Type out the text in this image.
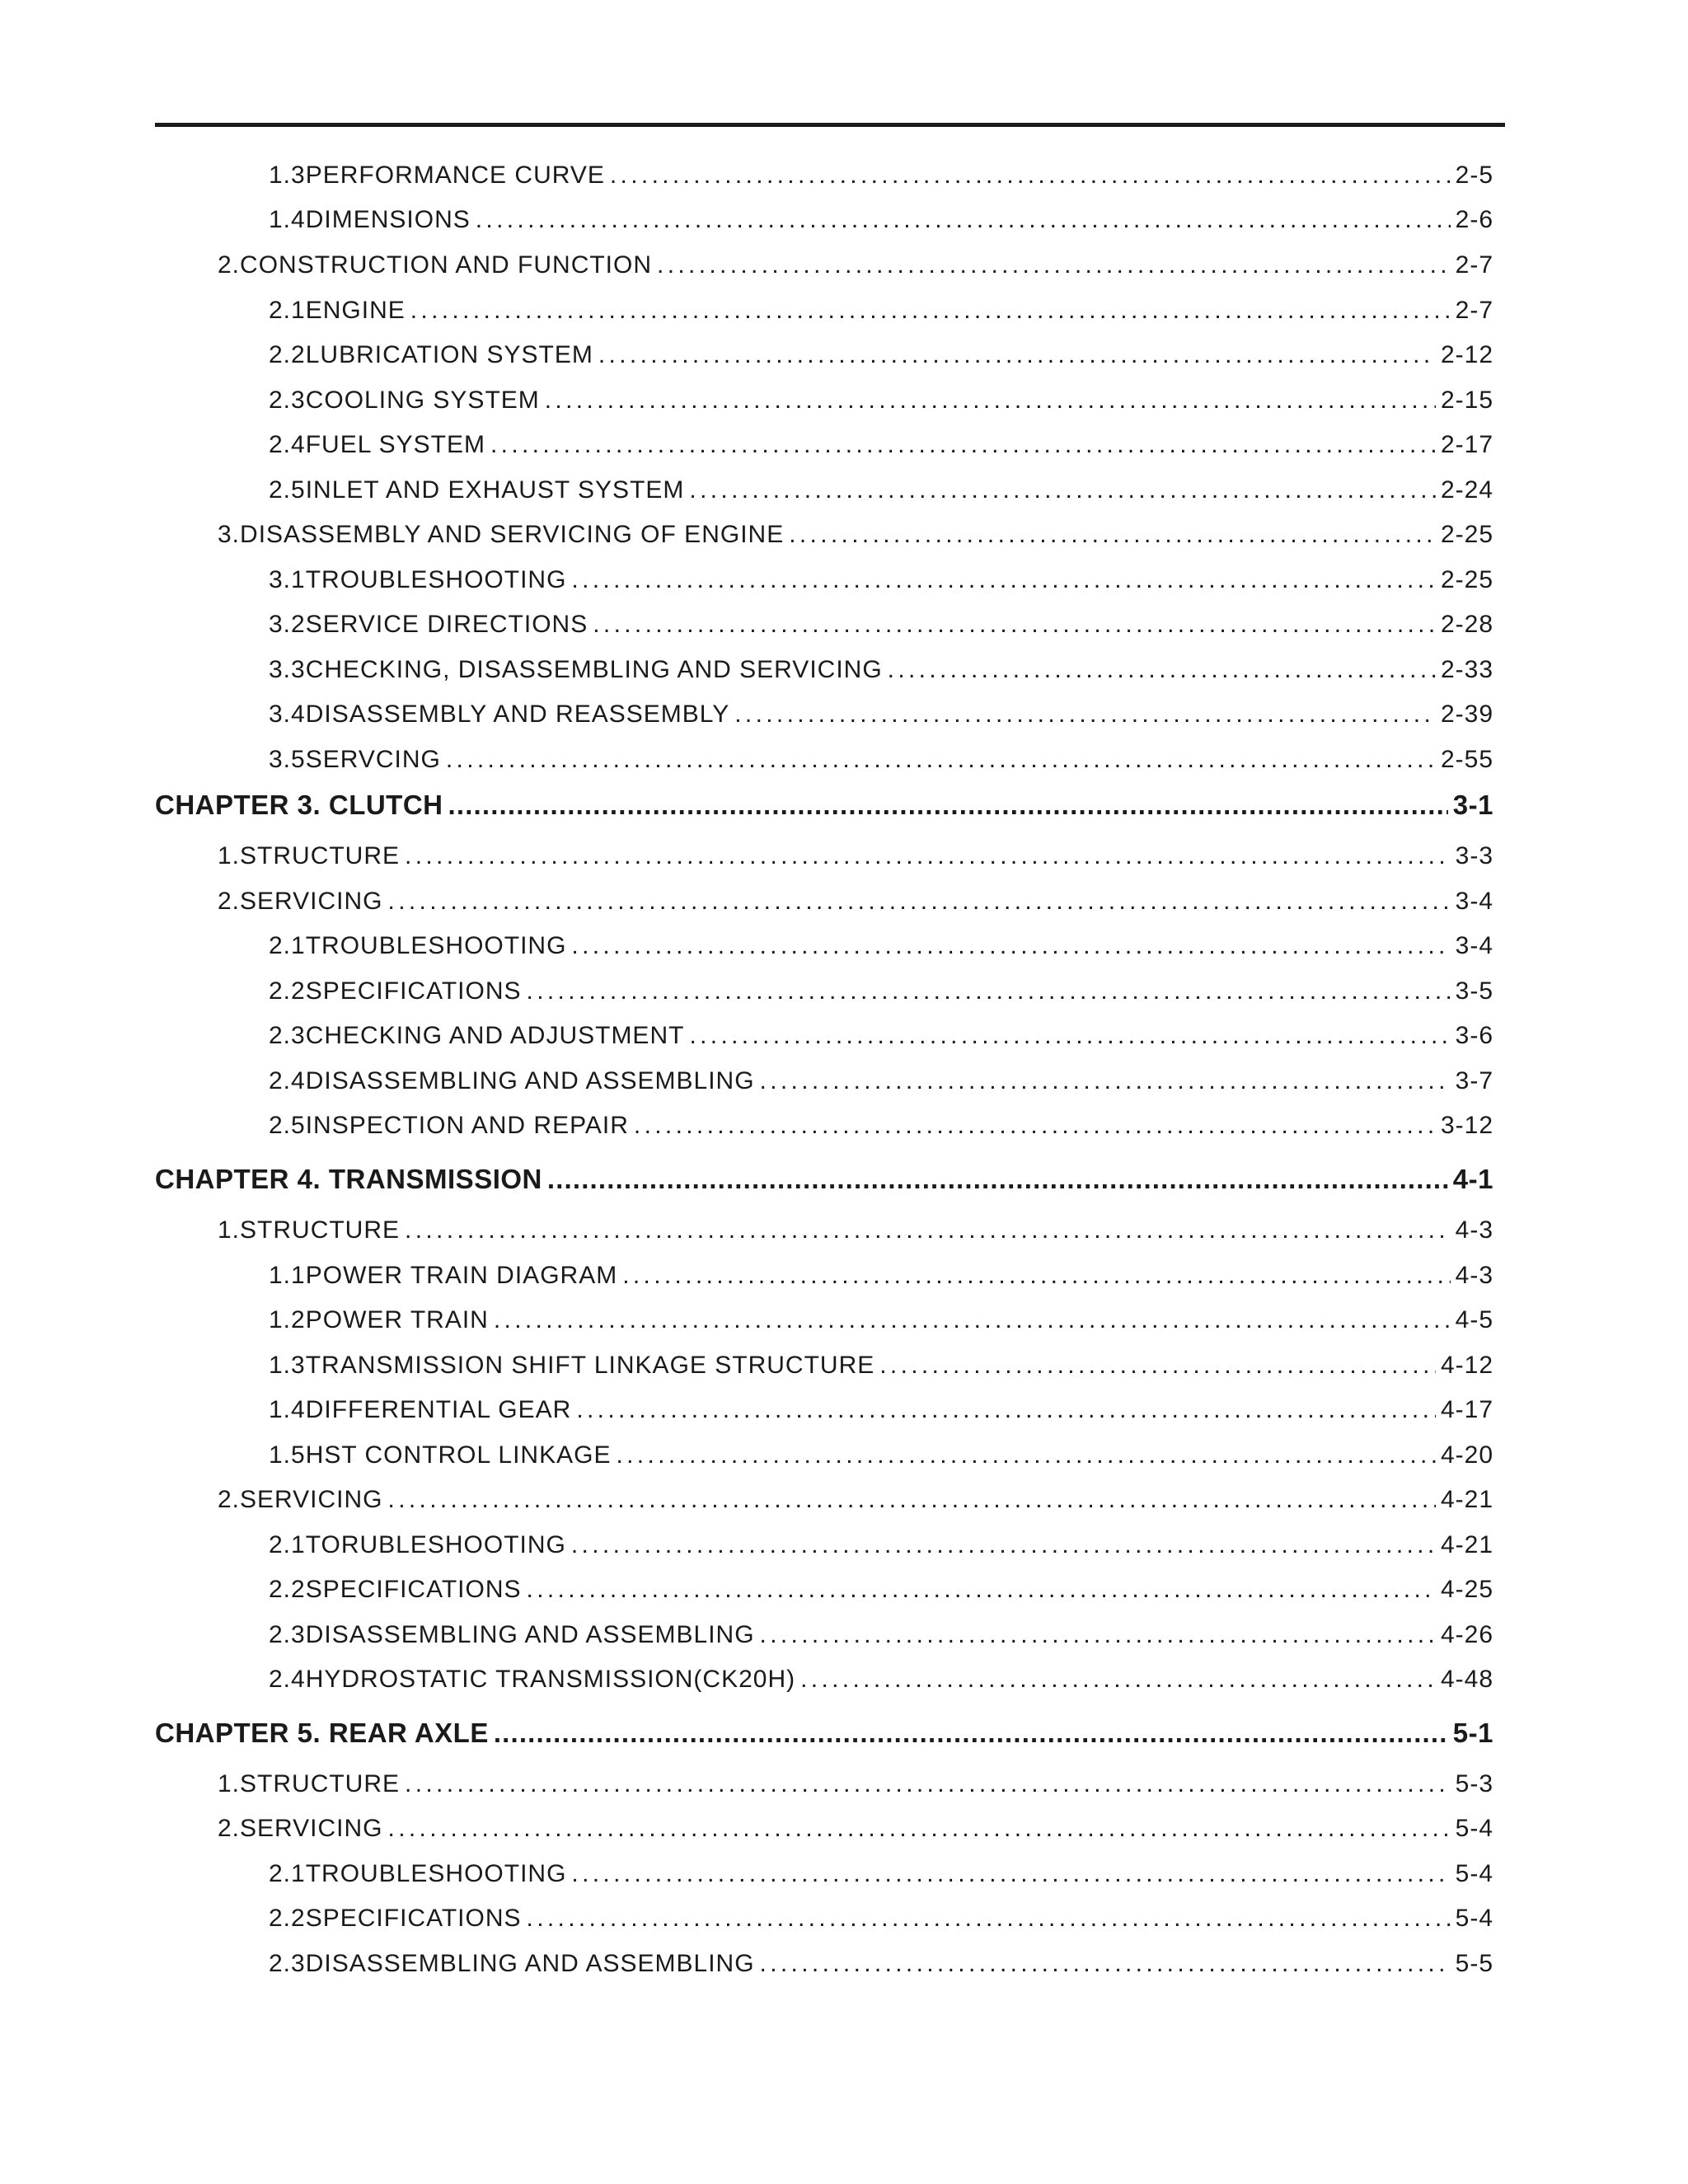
1.3 PERFORMANCE CURVE . . .	2-5
1.4 DIMENSIONS . . .	2-6
2. CONSTRUCTION AND FUNCTION . . .	2-7
2.1 ENGINE . . .	2-7
2.2 LUBRICATION SYSTEM . . .	2-12
2.3 COOLING SYSTEM . . .	2-15
2.4 FUEL SYSTEM . . .	2-17
2.5 INLET AND EXHAUST SYSTEM . . .	2-24
3. DISASSEMBLY AND SERVICING OF ENGINE . . .	2-25
3.1 TROUBLESHOOTING . . .	2-25
3.2 SERVICE DIRECTIONS . . .	2-28
3.3 CHECKING, DISASSEMBLING AND SERVICING . . .	2-33
3.4 DISASSEMBLY AND REASSEMBLY . . .	2-39
3.5 SERVCING . . .	2-55
CHAPTER 3. CLUTCH . . .	3-1
1. STRUCTURE . . .	3-3
2. SERVICING . . .	3-4
2.1 TROUBLESHOOTING . . .	3-4
2.2 SPECIFICATIONS . . .	3-5
2.3 CHECKING AND ADJUSTMENT . . .	3-6
2.4 DISASSEMBLING AND ASSEMBLING . . .	3-7
2.5 INSPECTION AND REPAIR . . .	3-12
CHAPTER 4. TRANSMISSION . . .	4-1
1. STRUCTURE . . .	4-3
1.1 POWER TRAIN DIAGRAM . . .	4-3
1.2 POWER TRAIN . . .	4-5
1.3 TRANSMISSION SHIFT LINKAGE STRUCTURE . . .	4-12
1.4 DIFFERENTIAL GEAR . . .	4-17
1.5 HST CONTROL LINKAGE . . .	4-20
2. SERVICING . . .	4-21
2.1 TORUBLESHOOTING . . .	4-21
2.2 SPECIFICATIONS . . .	4-25
2.3 DISASSEMBLING AND ASSEMBLING . . .	4-26
2.4 HYDROSTATIC TRANSMISSION(CK20H) . . .	4-48
CHAPTER 5. REAR AXLE . . .	5-1
1. STRUCTURE . . .	5-3
2. SERVICING . . .	5-4
2.1 TROUBLESHOOTING . . .	5-4
2.2 SPECIFICATIONS . . .	5-4
2.3 DISASSEMBLING AND ASSEMBLING . . .	5-5
